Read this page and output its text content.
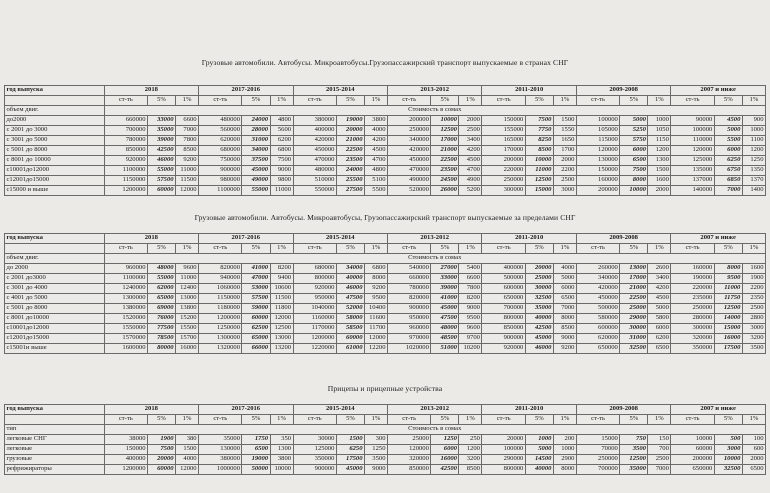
Грузовые автомобили. Автобусы. Микроавтобусы.Грузопассажирский транспорт выпускаемые в странах СНГ
год выпуска	2018			2017-2016			2015-2014			2013-2012			2011-2010			2009-2008			2007 и ниже		
	ст-ть	5%	1%	ст-ть	5%	1%	ст-ть	5%	1%	ст-ть	5%	1%	ст-ть	5%	1%	ст-ть	5%	1%	ст-ть	5%	1%
объем двиг.	Стоимость в сомах																				
до2000	660000	33000	6600	480000	24000	4800	380000	19000	3800	200000	10000	2000	150000	7500	1500	100000	5000	1000	90000	4500	900
с 2001 до 3000	700000	35000	7000	560000	28000	5600	400000	20000	4000	250000	12500	2500	155000	7750	1550	105000	5250	1050	100000	5000	1000
с 3001 до 5000	780000	39000	7800	620000	31000	6200	420000	21000	4200	340000	17000	3400	165000	8250	1650	115000	5750	1150	110000	5500	1100
с 5001 до 8000	850000	42500	8500	680000	34000	6800	450000	22500	4500	420000	21000	4200	170000	8500	1700	120000	6000	1200	120000	6000	1200
с 8001 до 10000	920000	46000	9200	750000	37500	7500	470000	23500	4700	450000	22500	4500	200000	10000	2000	130000	6500	1300	125000	6250	1250
с10001до12000	1100000	55000	11000	900000	45000	9000	480000	24000	4800	470000	23500	4700	220000	11000	2200	150000	7500	1500	135000	6750	1350
с12001до15000	1150000	57500	11500	980000	49000	9800	510000	25500	5100	490000	24500	4900	250000	12500	2500	160000	8000	1600	137000	6850	1370
с15000 и выше	1200000	60000	12000	1100000	55000	11000	550000	27500	5500	520000	26000	5200	300000	15000	3000	200000	10000	2000	140000	7000	1400
Грузовые автомобили. Автобусы. Микроавтобусы, Грузопассажирский транспорт выпускаемые за пределами СНГ
год выпуска	2018			2017-2016			2015-2014			2013-2012			2011-2010			2009-2008			2007 и ниже		
	ст-ть	5%	1%	ст-ть	5%	1%	ст-ть	5%	1%	ст-ть	5%	1%	ст-ть	5%	1%	ст-ть	5%	1%	ст-ть	5%	1%
объем двиг.	Стоимость в сомах																				
до 2000	960000	48000	9600	820000	41000	8200	680000	34000	6800	540000	27000	5400	400000	20000	4000	260000	13000	2600	160000	8000	1600
с 2001 до3000	1100000	55000	11000	940000	47000	9400	800000	40000	8000	660000	33000	6600	500000	25000	5000	340000	17000	3400	190000	9500	1900
с 3001 до 4000	1240000	62000	12400	1060000	53000	10600	920000	46000	9200	780000	39000	7800	600000	30000	6000	420000	21000	4200	220000	11000	2200
с 4001 до 5000	1300000	65000	13000	1150000	57500	11500	950000	47500	9500	820000	41000	8200	650000	32500	6500	450000	22500	4500	235000	11750	2350
с 5001 до 8000	1380000	69000	13800	1180000	59000	11800	1040000	52000	10400	900000	45000	9000	700000	35000	7000	500000	25000	5000	250000	12500	2500
с 8001 до10000	1520000	76000	15200	1200000	60000	12000	1160000	58000	11600	950000	47500	9500	800000	40000	8000	580000	29000	5800	280000	14000	2800
с10001до12000	1550000	77500	15500	1250000	62500	12500	1170000	58500	11700	960000	48000	9600	850000	42500	8500	600000	30000	6000	300000	15000	3000
с12001до15000	1570000	78500	15700	1300000	65000	13000	1200000	60000	12000	970000	48500	9700	900000	45000	9000	620000	31000	6200	320000	16000	3200
с15001и выше	1600000	80000	16000	1320000	66000	13200	1220000	61000	12200	1020000	51000	10200	920000	46000	9200	650000	32500	6500	350000	17500	3500
Прицепы и прицепные устройства
год выпуска	2018			2017-2016			2015-2014			2013-2012			2011-2010			2009-2008			2007 и ниже		
	ст-ть	5%	1%	ст-ть	5%	1%	ст-ть	5%	1%	ст-ть	5%	1%	ст-ть	5%	1%	ст-ть	5%	1%	ст-ть	5%	1%
тип	Стоимость в сомах																				
легковые СНГ	38000	1900	380	35000	1750	350	30000	1500	300	25000	1250	250	20000	1000	200	15000	750	150	10000	500	100
легковые	150000	7500	1500	130000	6500	1300	125000	6250	1250	120000	6000	1200	100000	5000	1000	70000	3500	700	60000	3000	600
грузовые	400000	20000	4000	380000	19000	3800	350000	17500	3500	320000	16000	3200	290000	14500	2900	250000	12500	2500	200000	10000	2000
рефрижираторы	1200000	60000	12000	1000000	50000	10000	900000	45000	9000	850000	42500	8500	800000	40000	8000	700000	35000	7000	650000	32500	6500
